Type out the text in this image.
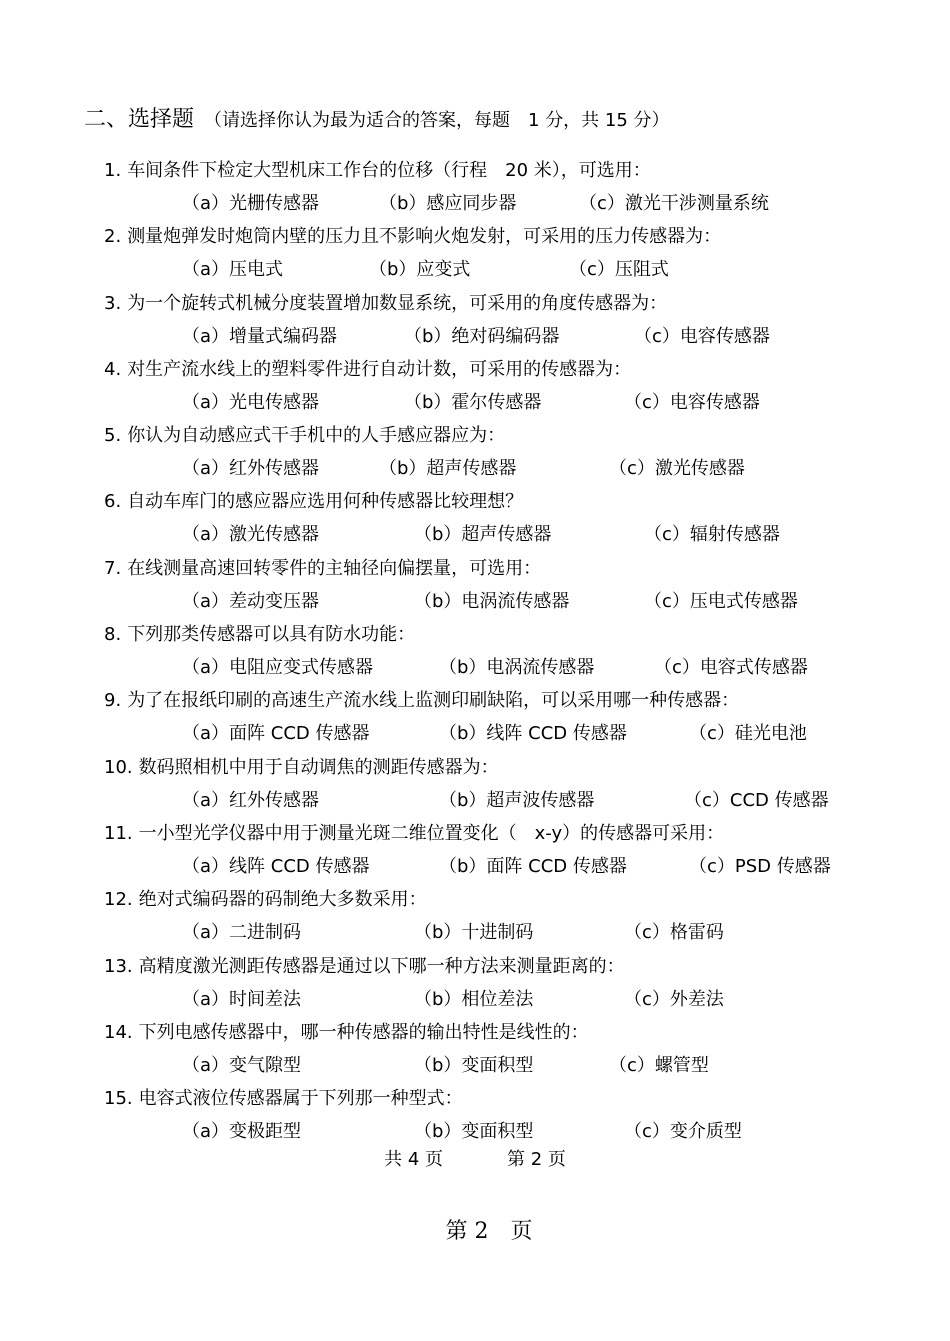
二、选择题 （请选择你认为最为适合的答案，每题　1 分，共 15 分）
1. 车间条件下检定大型机床工作台的位移（行程　20 米），可选用：
（a）光栅传感器	（b）感应同步器	（c）激光干涉测量系统
2. 测量炮弹发时炮筒内壁的压力且不影响火炮发射，可采用的压力传感器为：
（a）压电式	（b）应变式	（c）压阻式
3. 为一个旋转式机械分度装置增加数显系统，可采用的角度传感器为：
（a）增量式编码器	（b）绝对码编码器	（c）电容传感器
4. 对生产流水线上的塑料零件进行自动计数，可采用的传感器为：
（a）光电传感器	（b）霍尔传感器	（c）电容传感器
5. 你认为自动感应式干手机中的人手感应器应为：
（a）红外传感器	（b）超声传感器	（c）激光传感器
6. 自动车库门的感应器应选用何种传感器比较理想？
（a）激光传感器	（b）超声传感器	（c）辐射传感器
7. 在线测量高速回转零件的主轴径向偏摆量，可选用：
（a）差动变压器	（b）电涡流传感器	（c）压电式传感器
8. 下列那类传感器可以具有防水功能：
（a）电阻应变式传感器	（b）电涡流传感器	（c）电容式传感器
9. 为了在报纸印刷的高速生产流水线上监测印刷缺陷，可以采用哪一种传感器：
（a）面阵 CCD 传感器	（b）线阵 CCD 传感器	（c）硅光电池
10. 数码照相机中用于自动调焦的测距传感器为：
（a）红外传感器	（b）超声波传感器	（c）CCD 传感器
11. 一小型光学仪器中用于测量光斑二维位置变化（　x-y）的传感器可采用：
（a）线阵 CCD 传感器	（b）面阵 CCD 传感器	（c）PSD 传感器
12. 绝对式编码器的码制绝大多数采用：
（a）二进制码	（b）十进制码	（c）格雷码
13. 高精度激光测距传感器是通过以下哪一种方法来测量距离的：
（a）时间差法	（b）相位差法	（c）外差法
14. 下列电感传感器中，哪一种传感器的输出特性是线性的：
（a）变气隙型	（b）变面积型	（c）螺管型
15. 电容式液位传感器属于下列那一种型式：
（a）变极距型	（b）变面积型	（c）变介质型
共 4 页	第 2 页
第 2　页
